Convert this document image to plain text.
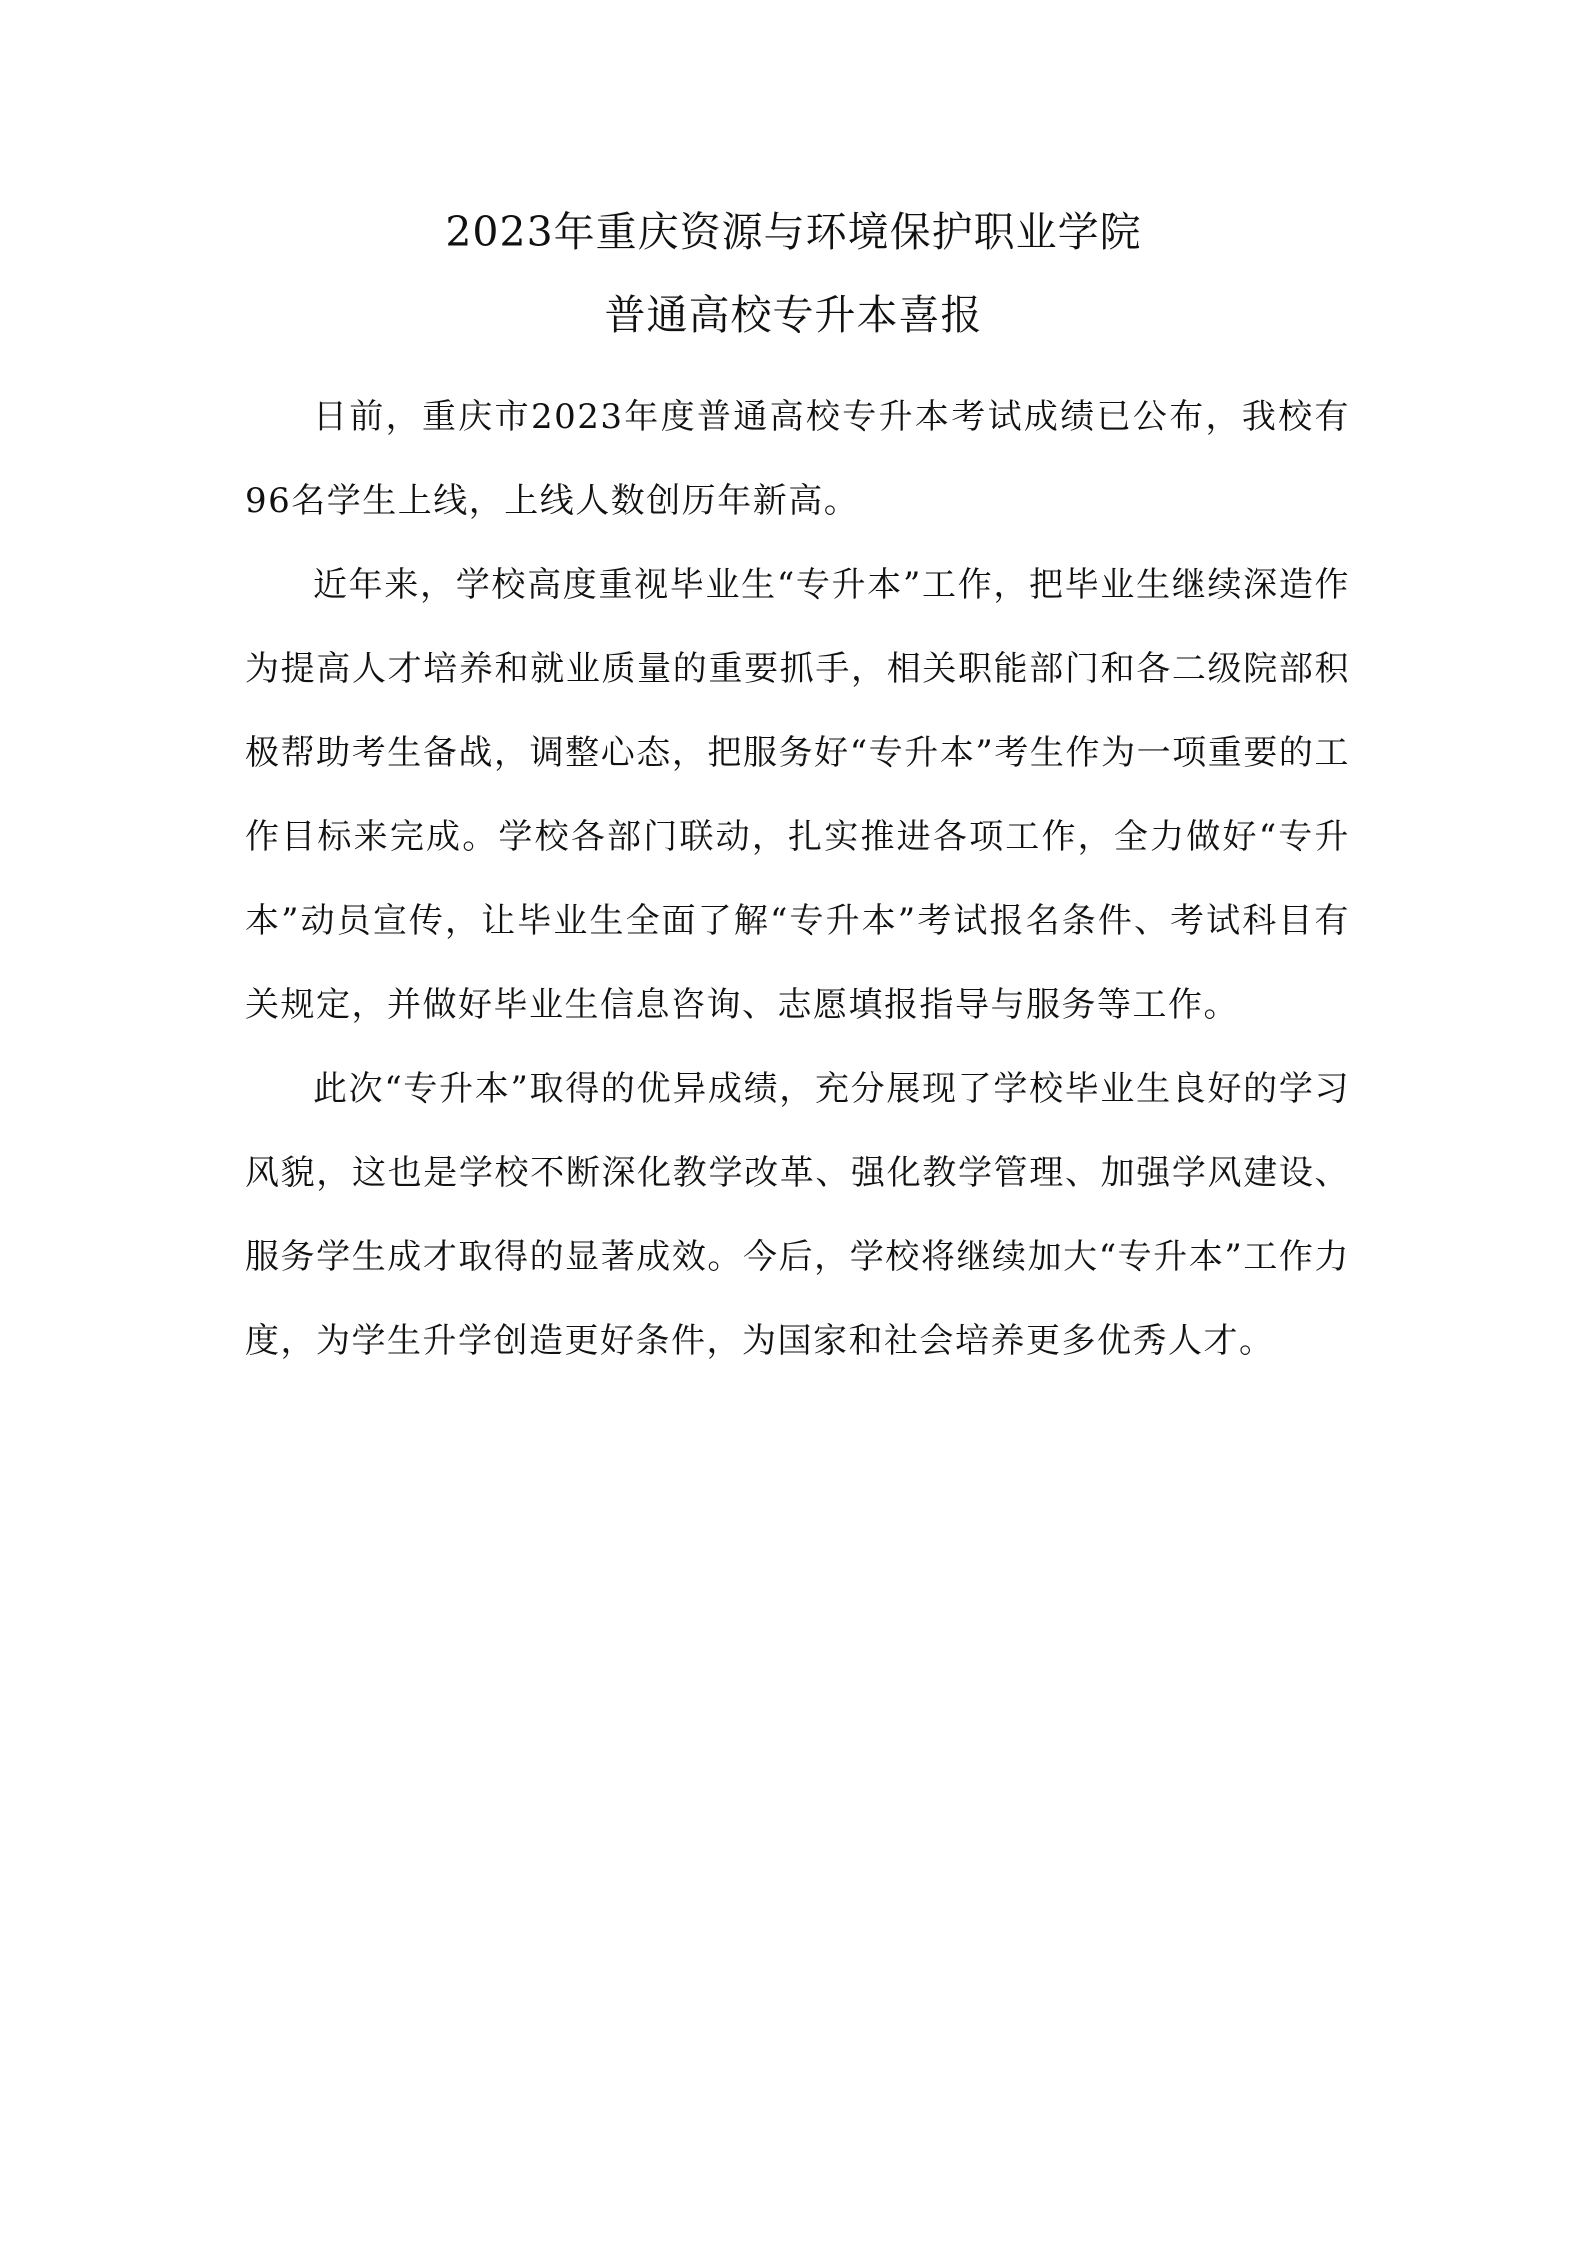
2023年重庆资源与环境保护职业学院
普通高校专升本喜报

日前，重庆市2023年度普通高校专升本考试成绩已公布，我校有96名学生上线，上线人数创历年新高。

近年来，学校高度重视毕业生“专升本”工作，把毕业生继续深造作为提高人才培养和就业质量的重要抓手，相关职能部门和各二级院部积极帮助考生备战，调整心态，把服务好“专升本”考生作为一项重要的工作目标来完成。学校各部门联动，扎实推进各项工作，全力做好“专升本”动员宣传，让毕业生全面了解“专升本”考试报名条件、考试科目有关规定，并做好毕业生信息咨询、志愿填报指导与服务等工作。

此次“专升本”取得的优异成绩，充分展现了学校毕业生良好的学习风貌，这也是学校不断深化教学改革、强化教学管理、加强学风建设、服务学生成才取得的显著成效。今后，学校将继续加大“专升本”工作力度，为学生升学创造更好条件，为国家和社会培养更多优秀人才。
